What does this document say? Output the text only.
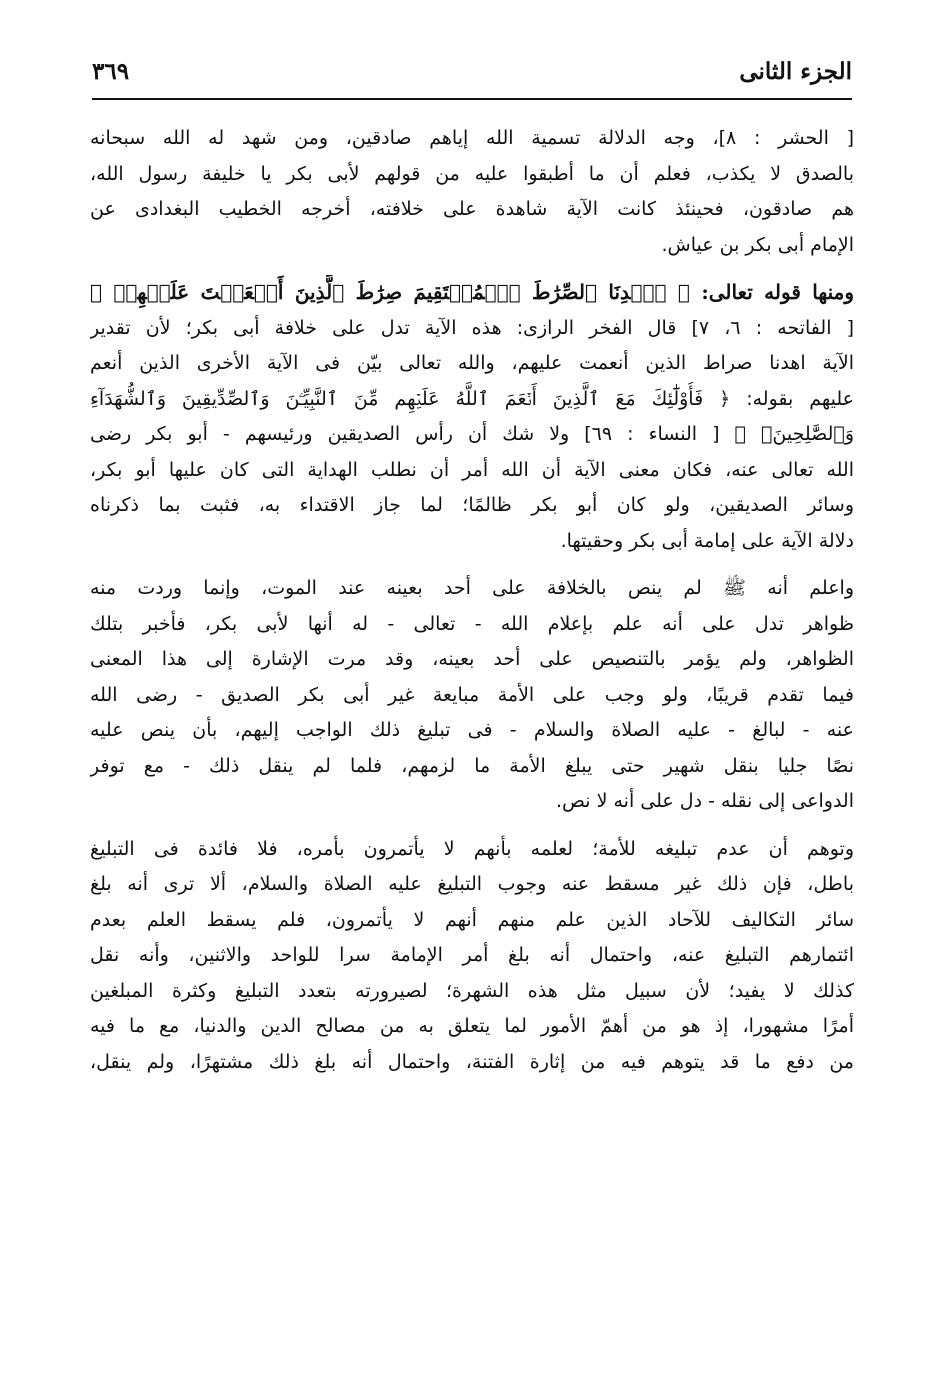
الجزء الثانى
٣٦٩

[ الحشر : ٨]، وجه الدلالة تسمية الله إياهم صادقين، ومن شهد له الله سبحانه
بالصدق لا يكذب، فعلم أن ما أطبقوا عليه من قولهم لأبى بكر يا خليفة رسول الله،
هم صادقون، فحينئذ كانت الآية شاهدة على خلافته، أخرجه الخطيب البغدادى عن
الإمام أبى بكر بن عياش.

ومنها قوله تعالى: ﴿ ٱهۡدِنَا ٱلصِّرَٰطَ ٱلۡمُسۡتَقِيمَ صِرَٰطَ ٱلَّذِينَ أَنۡعَمۡتَ عَلَيۡهِمۡ ﴾
[ الفاتحه : ٦، ٧] قال الفخر الرازى: هذه الآية تدل على خلافة أبى بكر؛ لأن تقدير
الآية اهدنا صراط الذين أنعمت عليهم، والله تعالى بيّن فى الآية الأخرى الذين أنعم
عليهم بقوله: ﴿ فَأُوْلَٰٓئِكَ مَعَ ٱلَّذِينَ أَنۡعَمَ ٱللَّهُ عَلَيۡهِم مِّنَ ٱلنَّبِيِّـۧنَ وَٱلصِّدِّيقِينَ وَٱلشُّهَدَآءِ
وَٱلصَّٰلِحِينَۚ ﴾ [ النساء : ٦٩] ولا شك أن رأس الصديقين ورئيسهم - أبو بكر رضى
الله تعالى عنه، فكان معنى الآية أن الله أمر أن نطلب الهداية التى كان عليها أبو بكر،
وسائر الصديقين، ولو كان أبو بكر ظالمًا؛ لما جاز الاقتداء به، فثبت بما ذكرناه
دلالة الآية على إمامة أبى بكر وحقيتها.

واعلم أنه ﷺ لم ينص بالخلافة على أحد بعينه عند الموت، وإنما وردت منه
ظواهر تدل على أنه علم بإعلام الله - تعالى - له أنها لأبى بكر، فأخبر بتلك
الظواهر، ولم يؤمر بالتنصيص على أحد بعينه، وقد مرت الإشارة إلى هذا المعنى
فيما تقدم قريبًا، ولو وجب على الأمة مبايعة غير أبى بكر الصديق - رضى الله
عنه - لبالغ - عليه الصلاة والسلام - فى تبليغ ذلك الواجب إليهم، بأن ينص عليه
نصًا جليا بنقل شهير حتى يبلغ الأمة ما لزمهم، فلما لم ينقل ذلك - مع توفر
الدواعى إلى نقله - دل على أنه لا نص.

وتوهم أن عدم تبليغه للأمة؛ لعلمه بأنهم لا يأتمرون بأمره، فلا فائدة فى التبليغ
باطل، فإن ذلك غير مسقط عنه وجوب التبليغ عليه الصلاة والسلام، ألا ترى أنه بلغ
سائر التكاليف للآحاد الذين علم منهم أنهم لا يأتمرون، فلم يسقط العلم بعدم
ائتمارهم التبليغ عنه، واحتمال أنه بلغ أمر الإمامة سرا للواحد والاثنين، وأنه نقل
كذلك لا يفيد؛ لأن سبيل مثل هذه الشهرة؛ لصيرورته بتعدد التبليغ وكثرة المبلغين
أمرًا مشهورا، إذ هو من أهمّ الأمور لما يتعلق به من مصالح الدين والدنيا، مع ما فيه
من دفع ما قد يتوهم فيه من إثارة الفتنة، واحتمال أنه بلغ ذلك مشتهرًا، ولم ينقل،
